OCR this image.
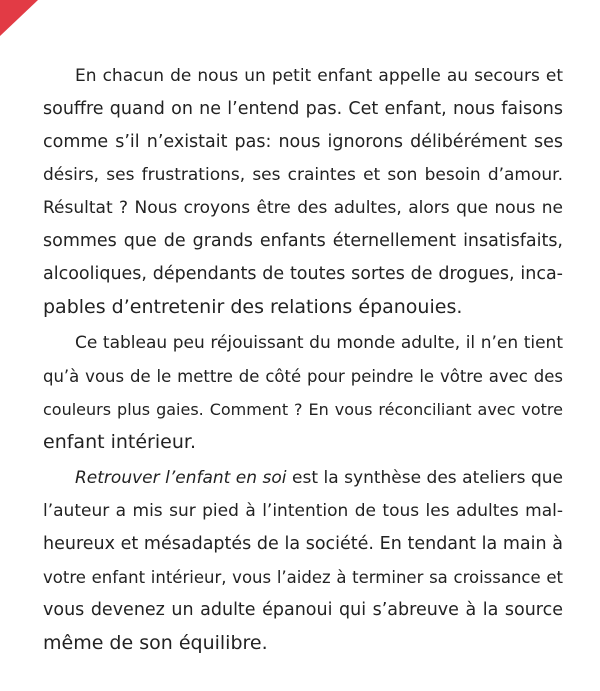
En chacun de nous un petit enfant appelle au secours et
souffre quand on ne l’entend pas. Cet enfant, nous faisons
comme s’il n’existait pas: nous ignorons délibérément ses
désirs, ses frustrations, ses craintes et son besoin d’amour.
Résultat ? Nous croyons être des adultes, alors que nous ne
sommes que de grands enfants éternellement insatisfaits,
alcooliques, dépendants de toutes sortes de drogues, inca-
pables d’entretenir des relations épanouies.
Ce tableau peu réjouissant du monde adulte, il n’en tient
qu’à vous de le mettre de côté pour peindre le vôtre avec des
couleurs plus gaies. Comment ? En vous réconciliant avec votre
enfant intérieur.
Retrouver l’enfant en soi est la synthèse des ateliers que
l’auteur a mis sur pied à l’intention de tous les adultes mal-
heureux et mésadaptés de la société. En tendant la main à
votre enfant intérieur, vous l’aidez à terminer sa croissance et
vous devenez un adulte épanoui qui s’abreuve à la source
même de son équilibre.
